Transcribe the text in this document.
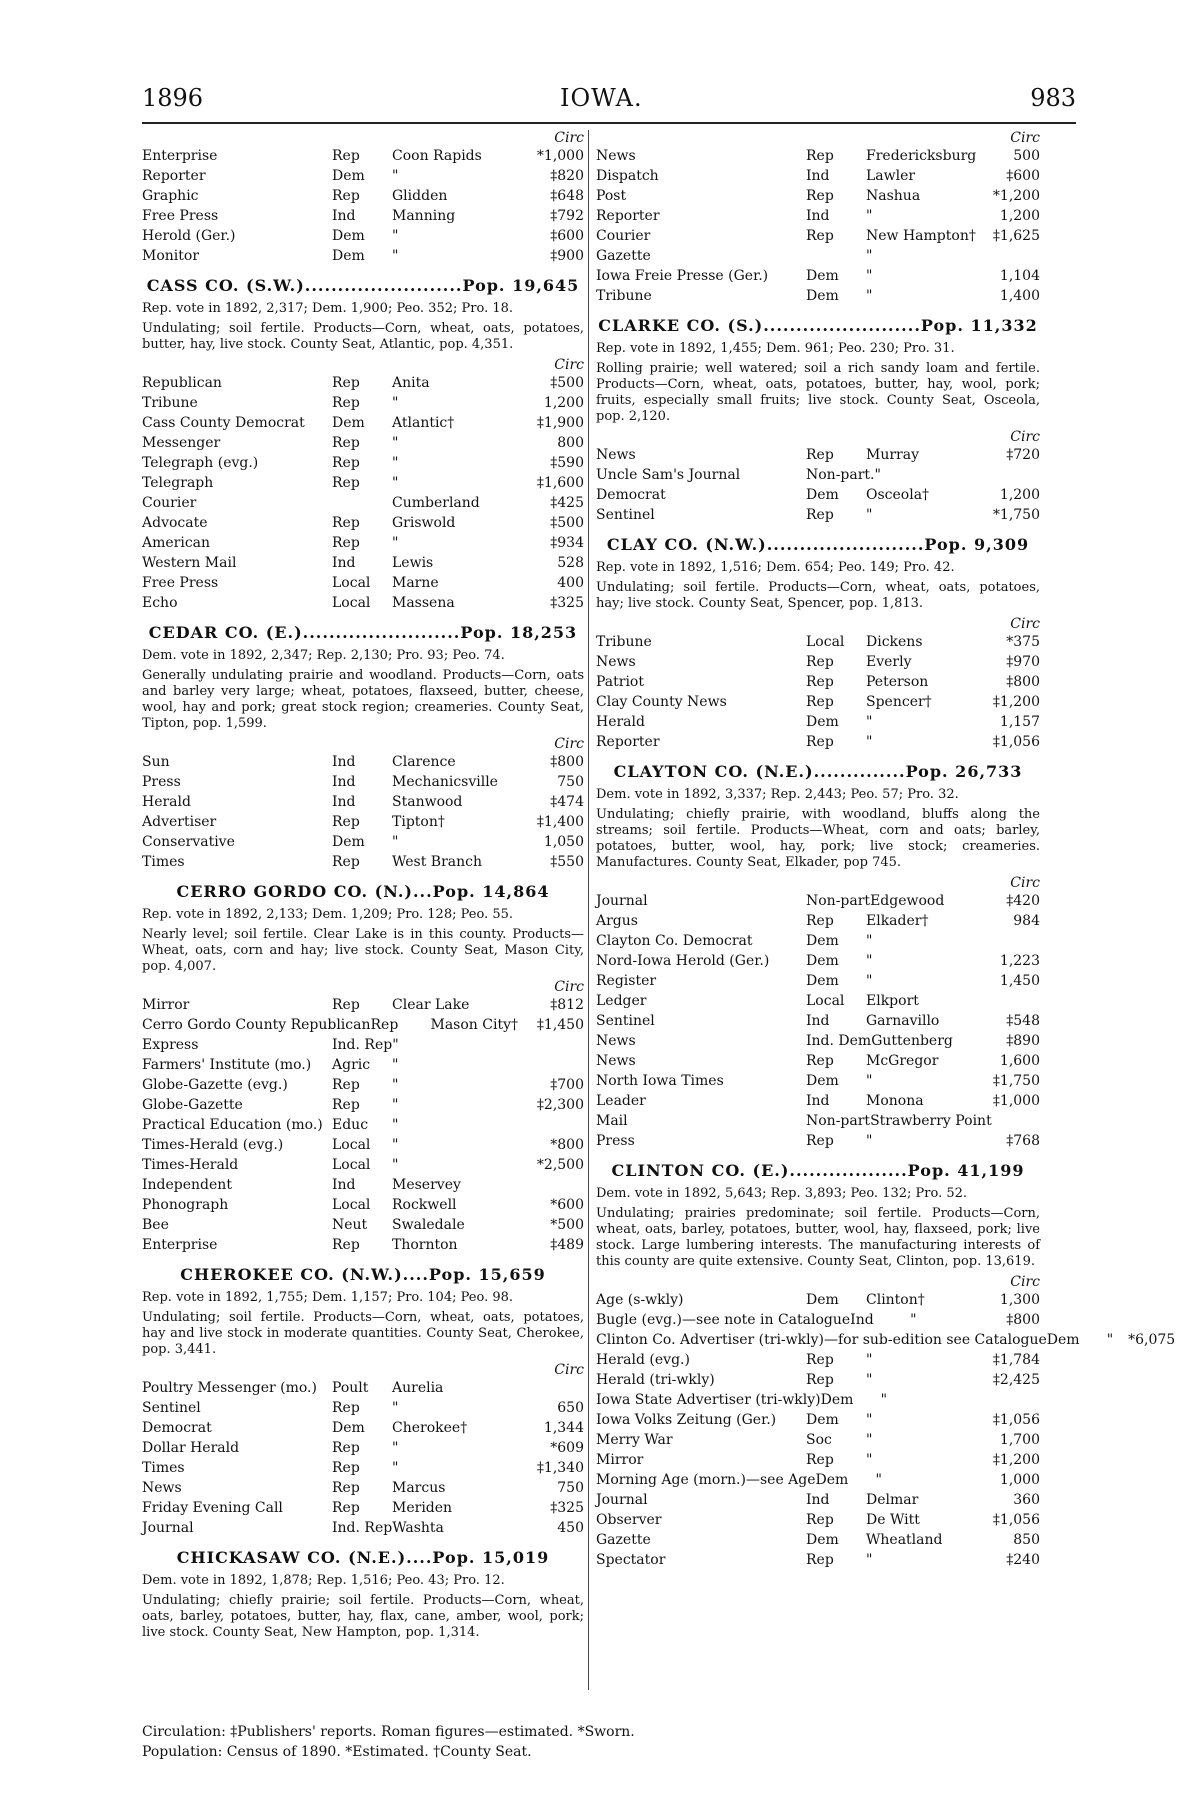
1896	IOWA.	983
Circ
Enterprise	Rep	Coon Rapids	*1,000
Reporter	Dem	"	‡820
Graphic	Rep	Glidden	‡648
Free Press	Ind	Manning	‡792
Herold (Ger.)	Dem	"	‡600
Monitor	Dem	"	‡900
CASS CO. (S.W.)........................Pop. 19,645
Rep. vote in 1892, 2,317; Dem. 1,900; Peo. 352; Pro. 18.
Undulating; soil fertile. Products—Corn, wheat, oats, potatoes, butter, hay, live stock. County Seat, Atlantic, pop. 4,351.
Circ
Republican	Rep	Anita	‡500
Tribune	Rep	"	1,200
Cass County Democrat	Dem	Atlantic†	‡1,900
Messenger	Rep	"	800
Telegraph (evg.)	Rep	"	‡590
Telegraph	Rep	"	‡1,600
Courier	Cumberland	‡425
Advocate	Rep	Griswold	‡500
American	Rep	"	‡934
Western Mail	Ind	Lewis	528
Free Press	Local	Marne	400
Echo	Local	Massena	‡325
CEDAR CO. (E.)........................Pop. 18,253
Dem. vote in 1892, 2,347; Rep. 2,130; Pro. 93; Peo. 74.
Generally undulating prairie and woodland. Products—Corn, oats and barley very large; wheat, potatoes, flaxseed, butter, cheese, wool, hay and pork; great stock region; creameries. County Seat, Tipton, pop. 1,599.
Circ
Sun	Ind	Clarence	‡800
Press	Ind	Mechanicsville	750
Herald	Ind	Stanwood	‡474
Advertiser	Rep	Tipton†	‡1,400
Conservative	Dem	"	1,050
Times	Rep	West Branch	‡550
CERRO GORDO CO. (N.)...Pop. 14,864
Rep. vote in 1892, 2,133; Dem. 1,209; Pro. 128; Peo. 55.
Nearly level; soil fertile. Clear Lake is in this county. Products—Wheat, oats, corn and hay; live stock. County Seat, Mason City, pop. 4,007.
Circ
Mirror	Rep	Clear Lake	‡812
Cerro Gordo County Republican Rep	Mason City†	‡1,450
Express	Ind. Rep "
Farmers' Institute (mo.)	Agric	"
Globe-Gazette (evg.)	Rep	"	‡700
Globe-Gazette	Rep	"	‡2,300
Practical Education (mo.) Educ	"
Times-Herald (evg.)	Local	"	*800
Times-Herald	Local	"	*2,500
Independent	Ind	Meservey
Phonograph	Local	Rockwell	*600
Bee	Neut	Swaledale	*500
Enterprise	Rep	Thornton	‡489
CHEROKEE CO. (N.W.)....Pop. 15,659
Rep. vote in 1892, 1,755; Dem. 1,157; Pro. 104; Peo. 98.
Undulating; soil fertile. Products—Corn, wheat, oats, potatoes, hay and live stock in moderate quantities. County Seat, Cherokee, pop. 3,441.
Circ
Poultry Messenger (mo.)	Poult	Aurelia
Sentinel	Rep	"	650
Democrat	Dem	Cherokee†	1,344
Dollar Herald	Rep	"	*609
Times	Rep	"	‡1,340
News	Rep	Marcus	750
Friday Evening Call	Rep	Meriden	‡325
Journal	Ind. Rep Washta	450
CHICKASAW CO. (N.E.)....Pop. 15,019
Dem. vote in 1892, 1,878; Rep. 1,516; Peo. 43; Pro. 12.
Undulating; chiefly prairie; soil fertile. Products—Corn, wheat, oats, barley, potatoes, butter, hay, flax, cane, amber, wool, pork; live stock. County Seat, New Hampton, pop. 1,314.
Circ
News	Rep	Fredericksburg	500
Dispatch	Ind	Lawler	‡600
Post	Rep	Nashua	*1,200
Reporter	Ind	"	1,200
Courier	Rep	New Hampton†	‡1,625
Gazette	"
Iowa Freie Presse (Ger.)	Dem	"	1,104
Tribune	Dem	"	1,400
CLARKE CO. (S.)........................Pop. 11,332
Rep. vote in 1892, 1,455; Dem. 961; Peo. 230; Pro. 31.
Rolling prairie; well watered; soil a rich sandy loam and fertile. Products—Corn, wheat, oats, potatoes, butter, hay, wool, pork; fruits, especially small fruits; live stock. County Seat, Osceola, pop. 2,120.
Circ
News	Rep	Murray	‡720
Uncle Sam's Journal	Non-part. "
Democrat	Dem	Osceola†	1,200
Sentinel	Rep	"	*1,750
CLAY CO. (N.W.)........................Pop. 9,309
Rep. vote in 1892, 1,516; Dem. 654; Peo. 149; Pro. 42.
Undulating; soil fertile. Products—Corn, wheat, oats, potatoes, hay; live stock. County Seat, Spencer, pop. 1,813.
Circ
Tribune	Local	Dickens	*375
News	Rep	Everly	‡970
Patriot	Rep	Peterson	‡800
Clay County News	Rep	Spencer†	‡1,200
Herald	Dem	"	1,157
Reporter	Rep	"	‡1,056
CLAYTON CO. (N.E.)..............Pop. 26,733
Dem. vote in 1892, 3,337; Rep. 2,443; Peo. 57; Pro. 32.
Undulating; chiefly prairie, with woodland, bluffs along the streams; soil fertile. Products—Wheat, corn and oats; barley, potatoes, butter, wool, hay, pork; live stock; creameries. Manufactures. County Seat, Elkader, pop 745.
Circ
Journal	Non-part Edgewood	‡420
Argus	Rep	Elkader†	984
Clayton Co. Democrat	Dem	"
Nord-Iowa Herold (Ger.)	Dem	"	1,223
Register	Dem	"	1,450
Ledger	Local	Elkport
Sentinel	Ind	Garnavillo	‡548
News	Ind. Dem Guttenberg	‡890
News	Rep	McGregor	1,600
North Iowa Times	Dem	"	‡1,750
Leader	Ind	Monona	‡1,000
Mail	Non-part Strawberry Point
Press	Rep	"	‡768
CLINTON CO. (E.)..................Pop. 41,199
Dem. vote in 1892, 5,643; Rep. 3,893; Peo. 132; Pro. 52.
Undulating; prairies predominate; soil fertile. Products—Corn, wheat, oats, barley, potatoes, butter, wool, hay, flaxseed, pork; live stock. Large lumbering interests. The manufacturing interests of this county are quite extensive. County Seat, Clinton, pop. 13,619.
Circ
Age (s-wkly)	Dem	Clinton†	1,300
Bugle (evg.)—see note in Catalogue Ind	"	‡800
Clinton Co. Advertiser (tri-wkly)—for sub-edition see Catalogue Dem	"	*6,075
Herald (evg.)	Rep	"	‡1,784
Herald (tri-wkly)	Rep	"	‡2,425
Iowa State Advertiser (tri-wkly) Dem	"
Iowa Volks Zeitung (Ger.)	Dem	"	‡1,056
Merry War	Soc	"	1,700
Mirror	Rep	"	‡1,200
Morning Age (morn.)—see Age Dem	"	1,000
Journal	Ind	Delmar	360
Observer	Rep	De Witt	‡1,056
Gazette	Dem	Wheatland	850
Spectator	Rep	"	‡240
Circulation: ‡Publishers' reports. Roman figures—estimated. *Sworn.
Population: Census of 1890. *Estimated. †County Seat.
